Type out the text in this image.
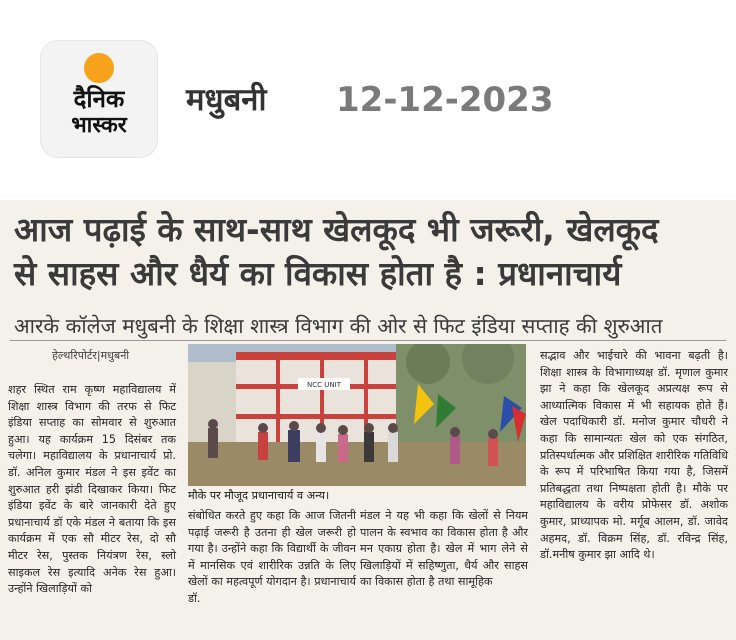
दैनिक
भास्कर
मधुबनी 12-12-2023
आज पढ़ाई के साथ-साथ खेलकूद भी जरूरी, खेलकूद
से साहस और धैर्य का विकास होता है : प्रधानाचार्य
आरके कॉलेज मधुबनी के शिक्षा शास्त्र विभाग की ओर से फिट इंडिया सप्ताह की शुरुआत
हेल्थरिपोर्टर|मधुबनी

शहर स्थित राम कृष्ण महाविद्यालय में शिक्षा शास्त्र विभाग की तरफ से फिट इंडिया सप्ताह का सोमवार से शुरुआत हुआ। यह कार्यक्रम 15 दिसंबर तक चलेगा। महाविद्यालय के प्रधानाचार्य प्रो. डॉ. अनिल कुमार मंडल ने इस इवेंट का शुरुआत हरी झंडी दिखाकर किया। फिट इंडिया इवेंट के बारे जानकारी देते हुए प्रधानाचार्य डॉ एके मंडल ने बताया कि इस कार्यक्रम में एक सौ मीटर रेस, दो सौ मीटर रेस, पुस्तक नियंत्रण रेस, स्लो साइकल रेस इत्यादि अनेक रेस हुआ। उन्होंने खिलाड़ियों को

NCC UNIT
मौके पर मौजूद प्रधानाचार्य व अन्य।

संबोधित करते हुए कहा कि आज जितनी पढ़ाई जरूरी है उतना ही खेल जरूरी हो गया है। उन्होंने कहा कि विद्यार्थी के जीवन में मानसिक एवं शारीरिक उन्नति के लिए खेलों का महत्वपूर्ण योगदान है। प्रधानाचार्य डॉ.

मंडल ने यह भी कहा कि खेलों से नियम पालन के स्वभाव का विकास होता है और मन एकाग्र होता है। खेल में भाग लेने से खिलाड़ियों में सहिष्णुता, धैर्य और साहस का विकास होता है तथा सामूहिक

सद्भाव और भाईचारे की भावना बढ़ती है। शिक्षा शास्त्र के विभागाध्यक्ष डॉ. मृणाल कुमार झा ने कहा कि खेलकूद अप्रत्यक्ष रूप से आध्यात्मिक विकास में भी सहायक होते हैं। खेल पदाधिकारी डॉ. मनोज कुमार चौधरी ने कहा कि सामान्यतः खेल को एक संगठित, प्रतिस्पर्धात्मक और प्रशिक्षित शारीरिक गतिविधि के रूप में परिभाषित किया गया है, जिसमें प्रतिबद्धता तथा निष्पक्षता होती है। मौके पर महाविद्यालय के वरीय प्रोफेसर डॉ. अशोक कुमार, प्राध्यापक मो. मर्गूब आलम, डॉ. जावेद अहमद, डॉ. विक्रम सिंह, डॉ. रविन्द्र सिंह, डॉ.मनीष कुमार झा आदि थे।
